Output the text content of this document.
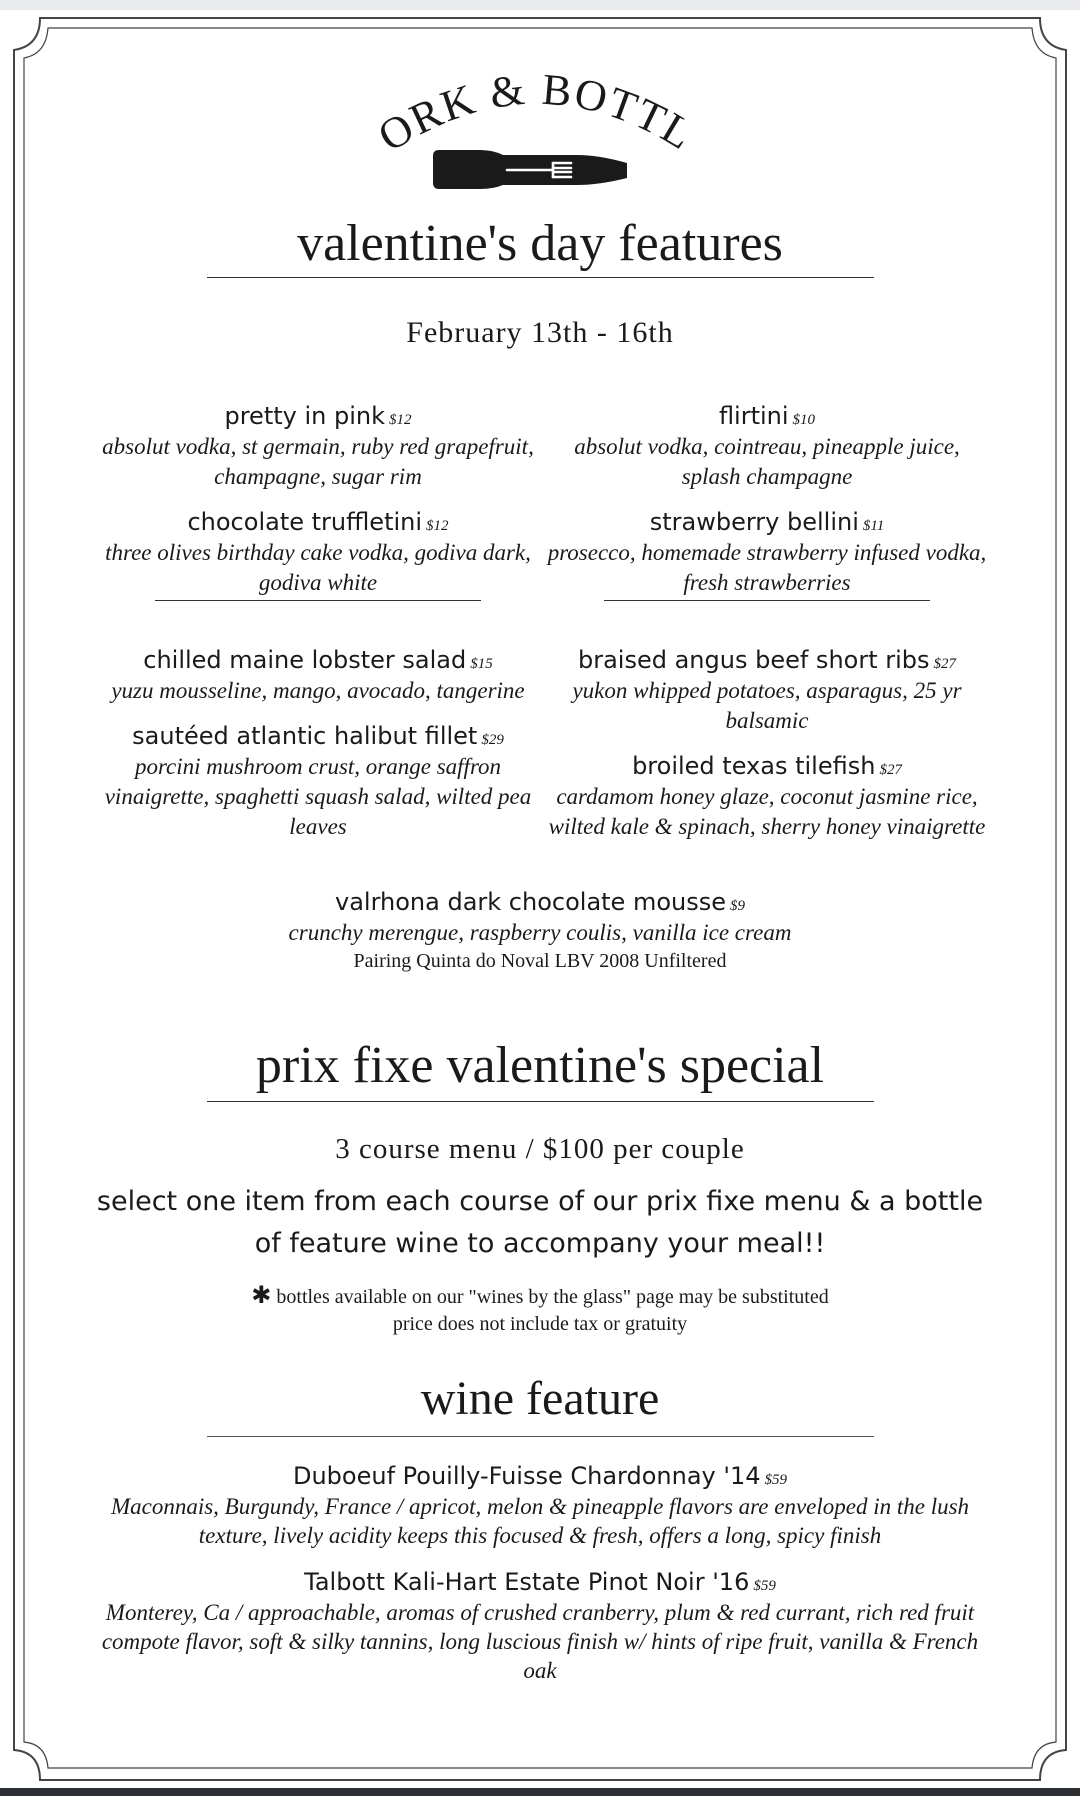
ORK & BOTTL
valentine's day features
February 13th - 16th
pretty in pink $12
absolut vodka, st germain, ruby red grapefruit, champagne, sugar rim
chocolate truffletini $12
three olives birthday cake vodka, godiva dark, godiva white
flirtini $10
absolut vodka, cointreau, pineapple juice, splash champagne
strawberry bellini $11
prosecco, homemade strawberry infused vodka, fresh strawberries
chilled maine lobster salad $15
yuzu mousseline, mango, avocado, tangerine
sautéed atlantic halibut fillet $29
porcini mushroom crust, orange saffron vinaigrette, spaghetti squash salad, wilted pea leaves
braised angus beef short ribs $27
yukon whipped potatoes, asparagus, 25 yr balsamic
broiled texas tilefish $27
cardamom honey glaze, coconut jasmine rice, wilted kale & spinach, sherry honey vinaigrette
valrhona dark chocolate mousse $9
crunchy merengue, raspberry coulis, vanilla ice cream
Pairing Quinta do Noval LBV 2008 Unfiltered
prix fixe valentine's special
3 course menu / $100 per couple
select one item from each course of our prix fixe menu & a bottle of feature wine to accompany your meal!!
✱ bottles available on our "wines by the glass" page may be substituted
price does not include tax or gratuity
wine feature
Duboeuf Pouilly-Fuisse Chardonnay '14 $59
Maconnais, Burgundy, France / apricot, melon & pineapple flavors are enveloped in the lush texture, lively acidity keeps this focused & fresh, offers a long, spicy finish
Talbott Kali-Hart Estate Pinot Noir '16 $59
Monterey, Ca / approachable, aromas of crushed cranberry, plum & red currant, rich red fruit compote flavor, soft & silky tannins, long luscious finish w/ hints of ripe fruit, vanilla & French oak
